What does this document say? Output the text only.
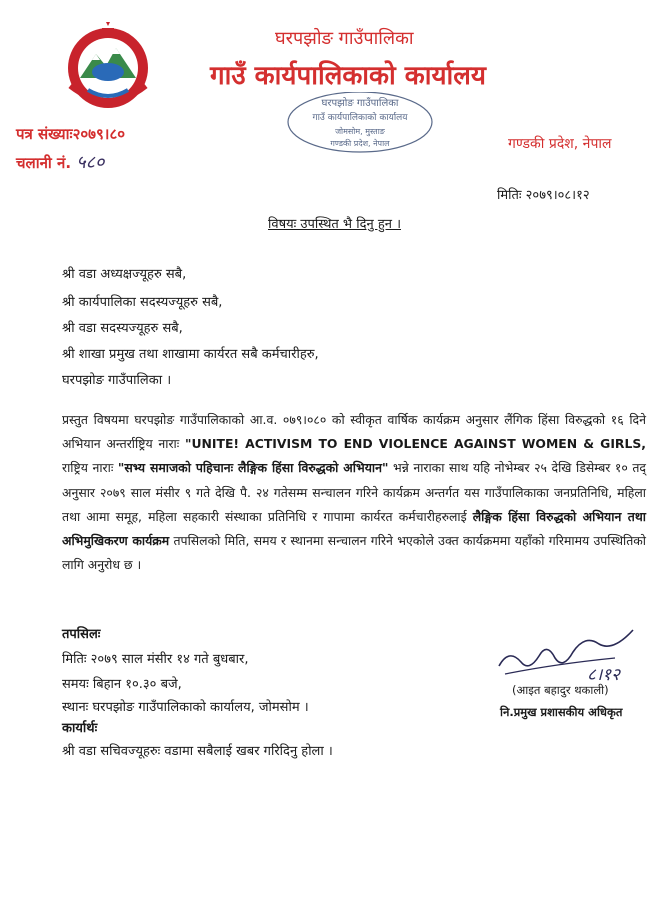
घरपझोङ गाउँपालिका
गाउँ कार्यपालिकाको कार्यालय
पत्र संख्याः२०७९।८०
चलानी नं. ५८०
गण्डकी प्रदेश, नेपाल
घरपझोङ गाउँपालिका
गाउँ कार्यपालिकाको कार्यालय
जोमसोम, मुस्ताङ
गण्डकी प्रदेश, नेपाल
मितिः २०७९।०८।१२
विषयः उपस्थित भै दिनु हुन ।
श्री वडा अध्यक्षज्यूहरु सबै,
श्री कार्यपालिका सदस्यज्यूहरु सबै,
श्री वडा सदस्यज्यूहरु सबै,
श्री शाखा प्रमुख तथा शाखामा कार्यरत सबै कर्मचारीहरु,
घरपझोङ गाउँपालिका ।
प्रस्तुत विषयमा घरपझोङ गाउँपालिकाको आ.व. ०७९।०८० को स्वीकृत वार्षिक कार्यक्रम अनुसार लैंगिक हिंसा विरुद्धको १६ दिने अभियान अन्तर्राष्ट्रिय नाराः "UNITE! ACTIVISM TO END VIOLENCE AGAINST WOMEN & GIRLS, राष्ट्रिय नाराः "सभ्य समाजको पहिचानः लैङ्गिक हिंसा विरुद्धको अभियान" भन्ने नाराका साथ यहि नोभेम्बर २५ देखि डिसेम्बर १० तद् अनुसार २०७९ साल मंसीर ९ गते देखि पै. २४ गतेसम्म सन्चालन गरिने कार्यक्रम अन्तर्गत यस गाउँपालिकाका जनप्रतिनिधि, महिला तथा आमा समूह, महिला सहकारी संस्थाका प्रतिनिधि र गापामा कार्यरत कर्मचारीहरुलाई लैङ्गिक हिंसा विरुद्धको अभियान तथा अभिमुखिकरण कार्यक्रम तपसिलको मिति, समय र स्थानमा सन्चालन गरिने भएकोले उक्त कार्यक्रममा यहाँको गरिमामय उपस्थितिको लागि अनुरोध छ ।
तपसिलः
मितिः २०७९ साल मंसीर १४ गते बुधबार,
समयः बिहान १०.३० बजे,
स्थानः घरपझोङ गाउँपालिकाको कार्यालय, जोमसोम ।
कार्यार्थः
श्री वडा सचिवज्यूहरुः वडामा सबैलाई खबर गरिदिनु होला ।
८।१२
(आइत बहादुर थकाली)
नि.प्रमुख प्रशासकीय अधिकृत
